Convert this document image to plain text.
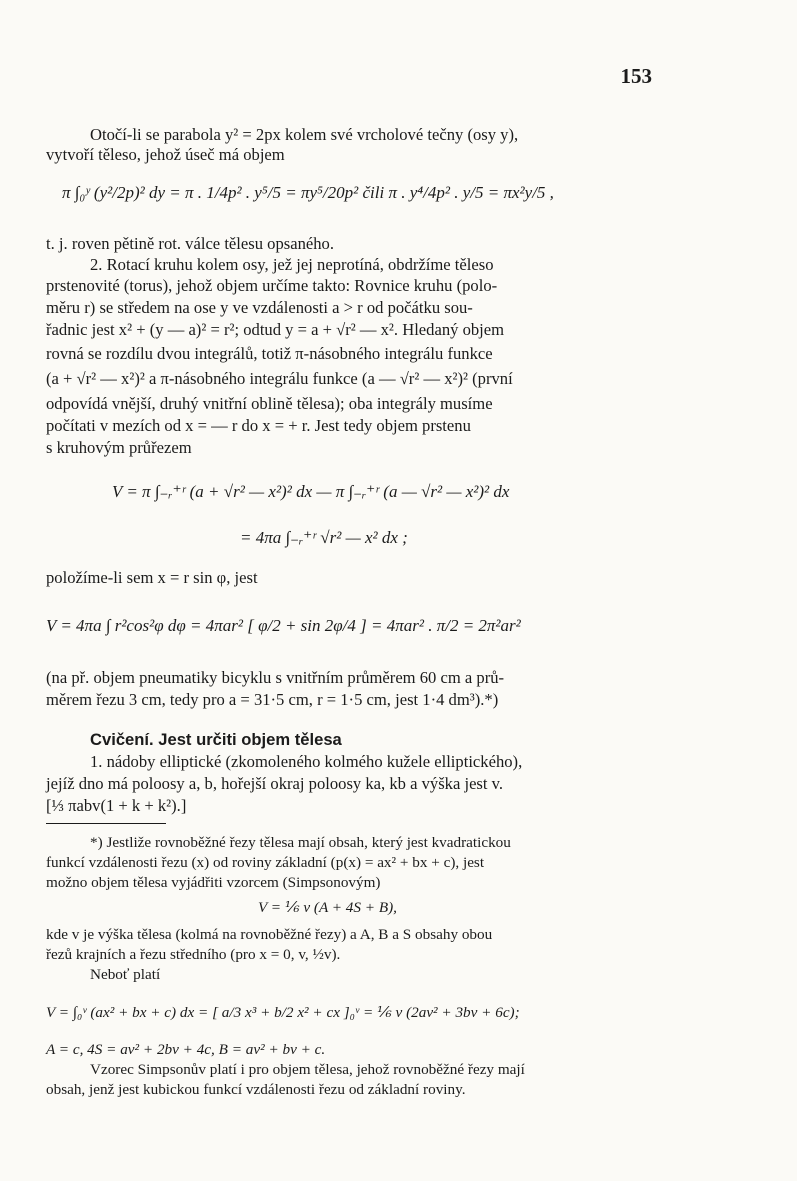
153
Otočí-li se parabola y² = 2px kolem své vrcholové tečny (osy y),
vytvoří těleso, jehož úseč má objem
π ∫₀ʸ (y²/2p)² dy = π . 1/4p² . y⁵/5 = πy⁵/20p² čili π . y⁴/4p² . y/5 = πx²y/5 ,
t. j. roven pětině rot. válce tělesu opsaného.
2. Rotací kruhu kolem osy, jež jej neprotíná, obdržíme těleso
prstenovité (torus), jehož objem určíme takto: Rovnice kruhu (polo-
měru r) se středem na ose y ve vzdálenosti a > r od počátku sou-
řadnic jest x² + (y — a)² = r²; odtud y = a + √r² — x². Hledaný objem
rovná se rozdílu dvou integrálů, totiž π-násobného integrálu funkce
(a + √r² — x²)² a π-násobného integrálu funkce (a — √r² — x²)² (první
odpovídá vnější, druhý vnitřní oblině tělesa); oba integrály musíme
počítati v mezích od x = — r do x = + r. Jest tedy objem prstenu
s kruhovým průřezem
V = π ∫₋ᵣ⁺ʳ (a + √r² — x²)² dx — π ∫₋ᵣ⁺ʳ (a — √r² — x²)² dx
= 4πa ∫₋ᵣ⁺ʳ √r² — x² dx ;
položíme-li sem x = r sin φ, jest
V = 4πa ∫ r²cos²φ dφ = 4πar² [ φ/2 + sin 2φ/4 ] = 4πar² . π/2 = 2π²ar²
(na př. objem pneumatiky bicyklu s vnitřním průměrem 60 cm a prů-
měrem řezu 3 cm, tedy pro a = 31·5 cm, r = 1·5 cm, jest 1·4 dm³).*)
Cvičení. Jest určiti objem tělesa
1. nádoby elliptické (zkomoleného kolmého kužele elliptického),
jejíž dno má poloosy a, b, hořejší okraj poloosy ka, kb a výška jest v.
[⅓ πabv(1 + k + k²).]
*) Jestliže rovnoběžné řezy tělesa mají obsah, který jest kvadratickou
funkcí vzdálenosti řezu (x) od roviny základní (p(x) = ax² + bx + c), jest
možno objem tělesa vyjádřiti vzorcem (Simpsonovým)
V = ⅙ v (A + 4S + B),
kde v je výška tělesa (kolmá na rovnoběžné řezy) a A, B a S obsahy obou
řezů krajních a řezu středního (pro x = 0, v, ½v).
Neboť platí
V = ∫₀ᵛ (ax² + bx + c) dx = [ a/3 x³ + b/2 x² + cx ]₀ᵛ = ⅙ v (2av² + 3bv + 6c);
A = c, 4S = av² + 2bv + 4c, B = av² + bv + c.
Vzorec Simpsonův platí i pro objem tělesa, jehož rovnoběžné řezy mají
obsah, jenž jest kubickou funkcí vzdálenosti řezu od základní roviny.
